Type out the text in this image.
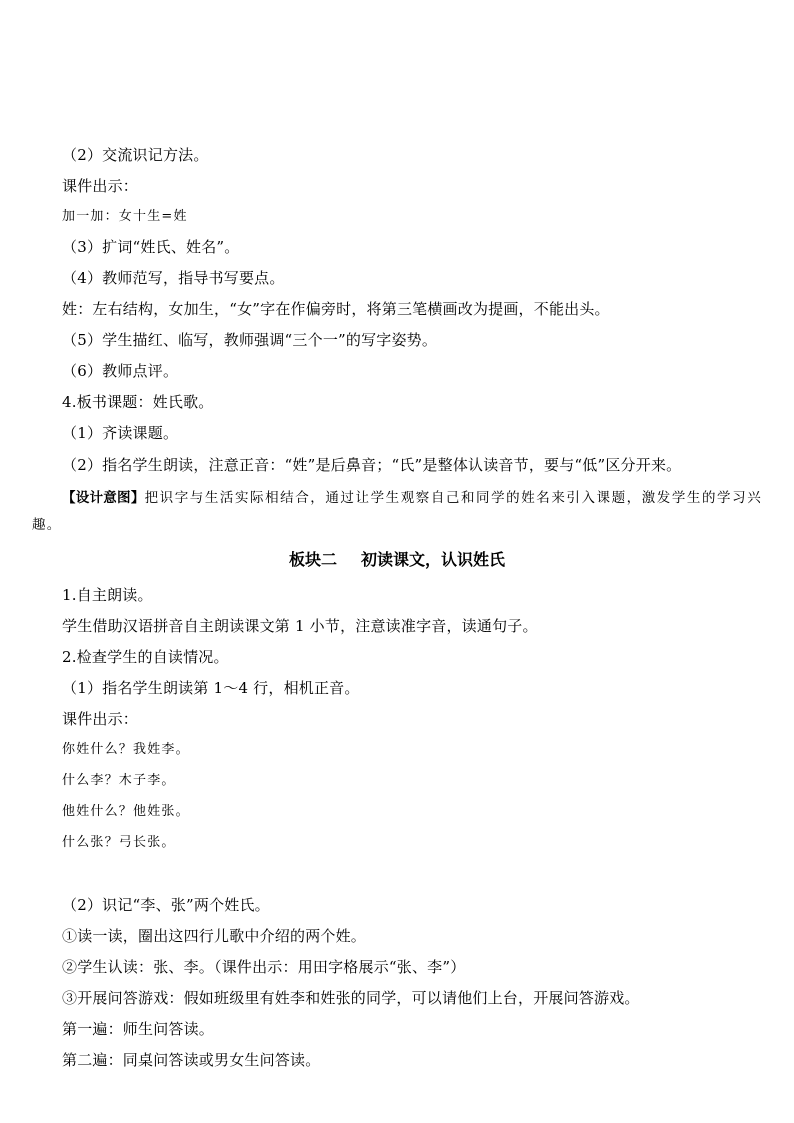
（2）交流识记方法。
课件出示：
加一加：女十生=姓
（3）扩词“姓氏、姓名”。
（4）教师范写，指导书写要点。
姓：左右结构，女加生，“女”字在作偏旁时，将第三笔横画改为提画，不能出头。
（5）学生描红、临写，教师强调“三个一”的写字姿势。
（6）教师点评。
4.板书课题：姓氏歌。
（1）齐读课题。
（2）指名学生朗读，注意正音：“姓”是后鼻音；“氏”是整体认读音节，要与“低”区分开来。
【设计意图】把识字与生活实际相结合，通过让学生观察自己和同学的姓名来引入课题，激发学生的学习兴趣。
板块二 初读课文，认识姓氏
1.自主朗读。
学生借助汉语拼音自主朗读课文第 1 小节，注意读准字音，读通句子。
2.检查学生的自读情况。
（1）指名学生朗读第 1～4 行，相机正音。
课件出示：
你姓什么？我姓李。
什么李？木子李。
他姓什么？他姓张。
什么张？弓长张。
（2）识记“李、张”两个姓氏。
①读一读，圈出这四行儿歌中介绍的两个姓。
②学生认读：张、李。（课件出示：用田字格展示“张、李”）
③开展问答游戏：假如班级里有姓李和姓张的同学，可以请他们上台，开展问答游戏。
第一遍：师生问答读。
第二遍：同桌问答读或男女生问答读。
